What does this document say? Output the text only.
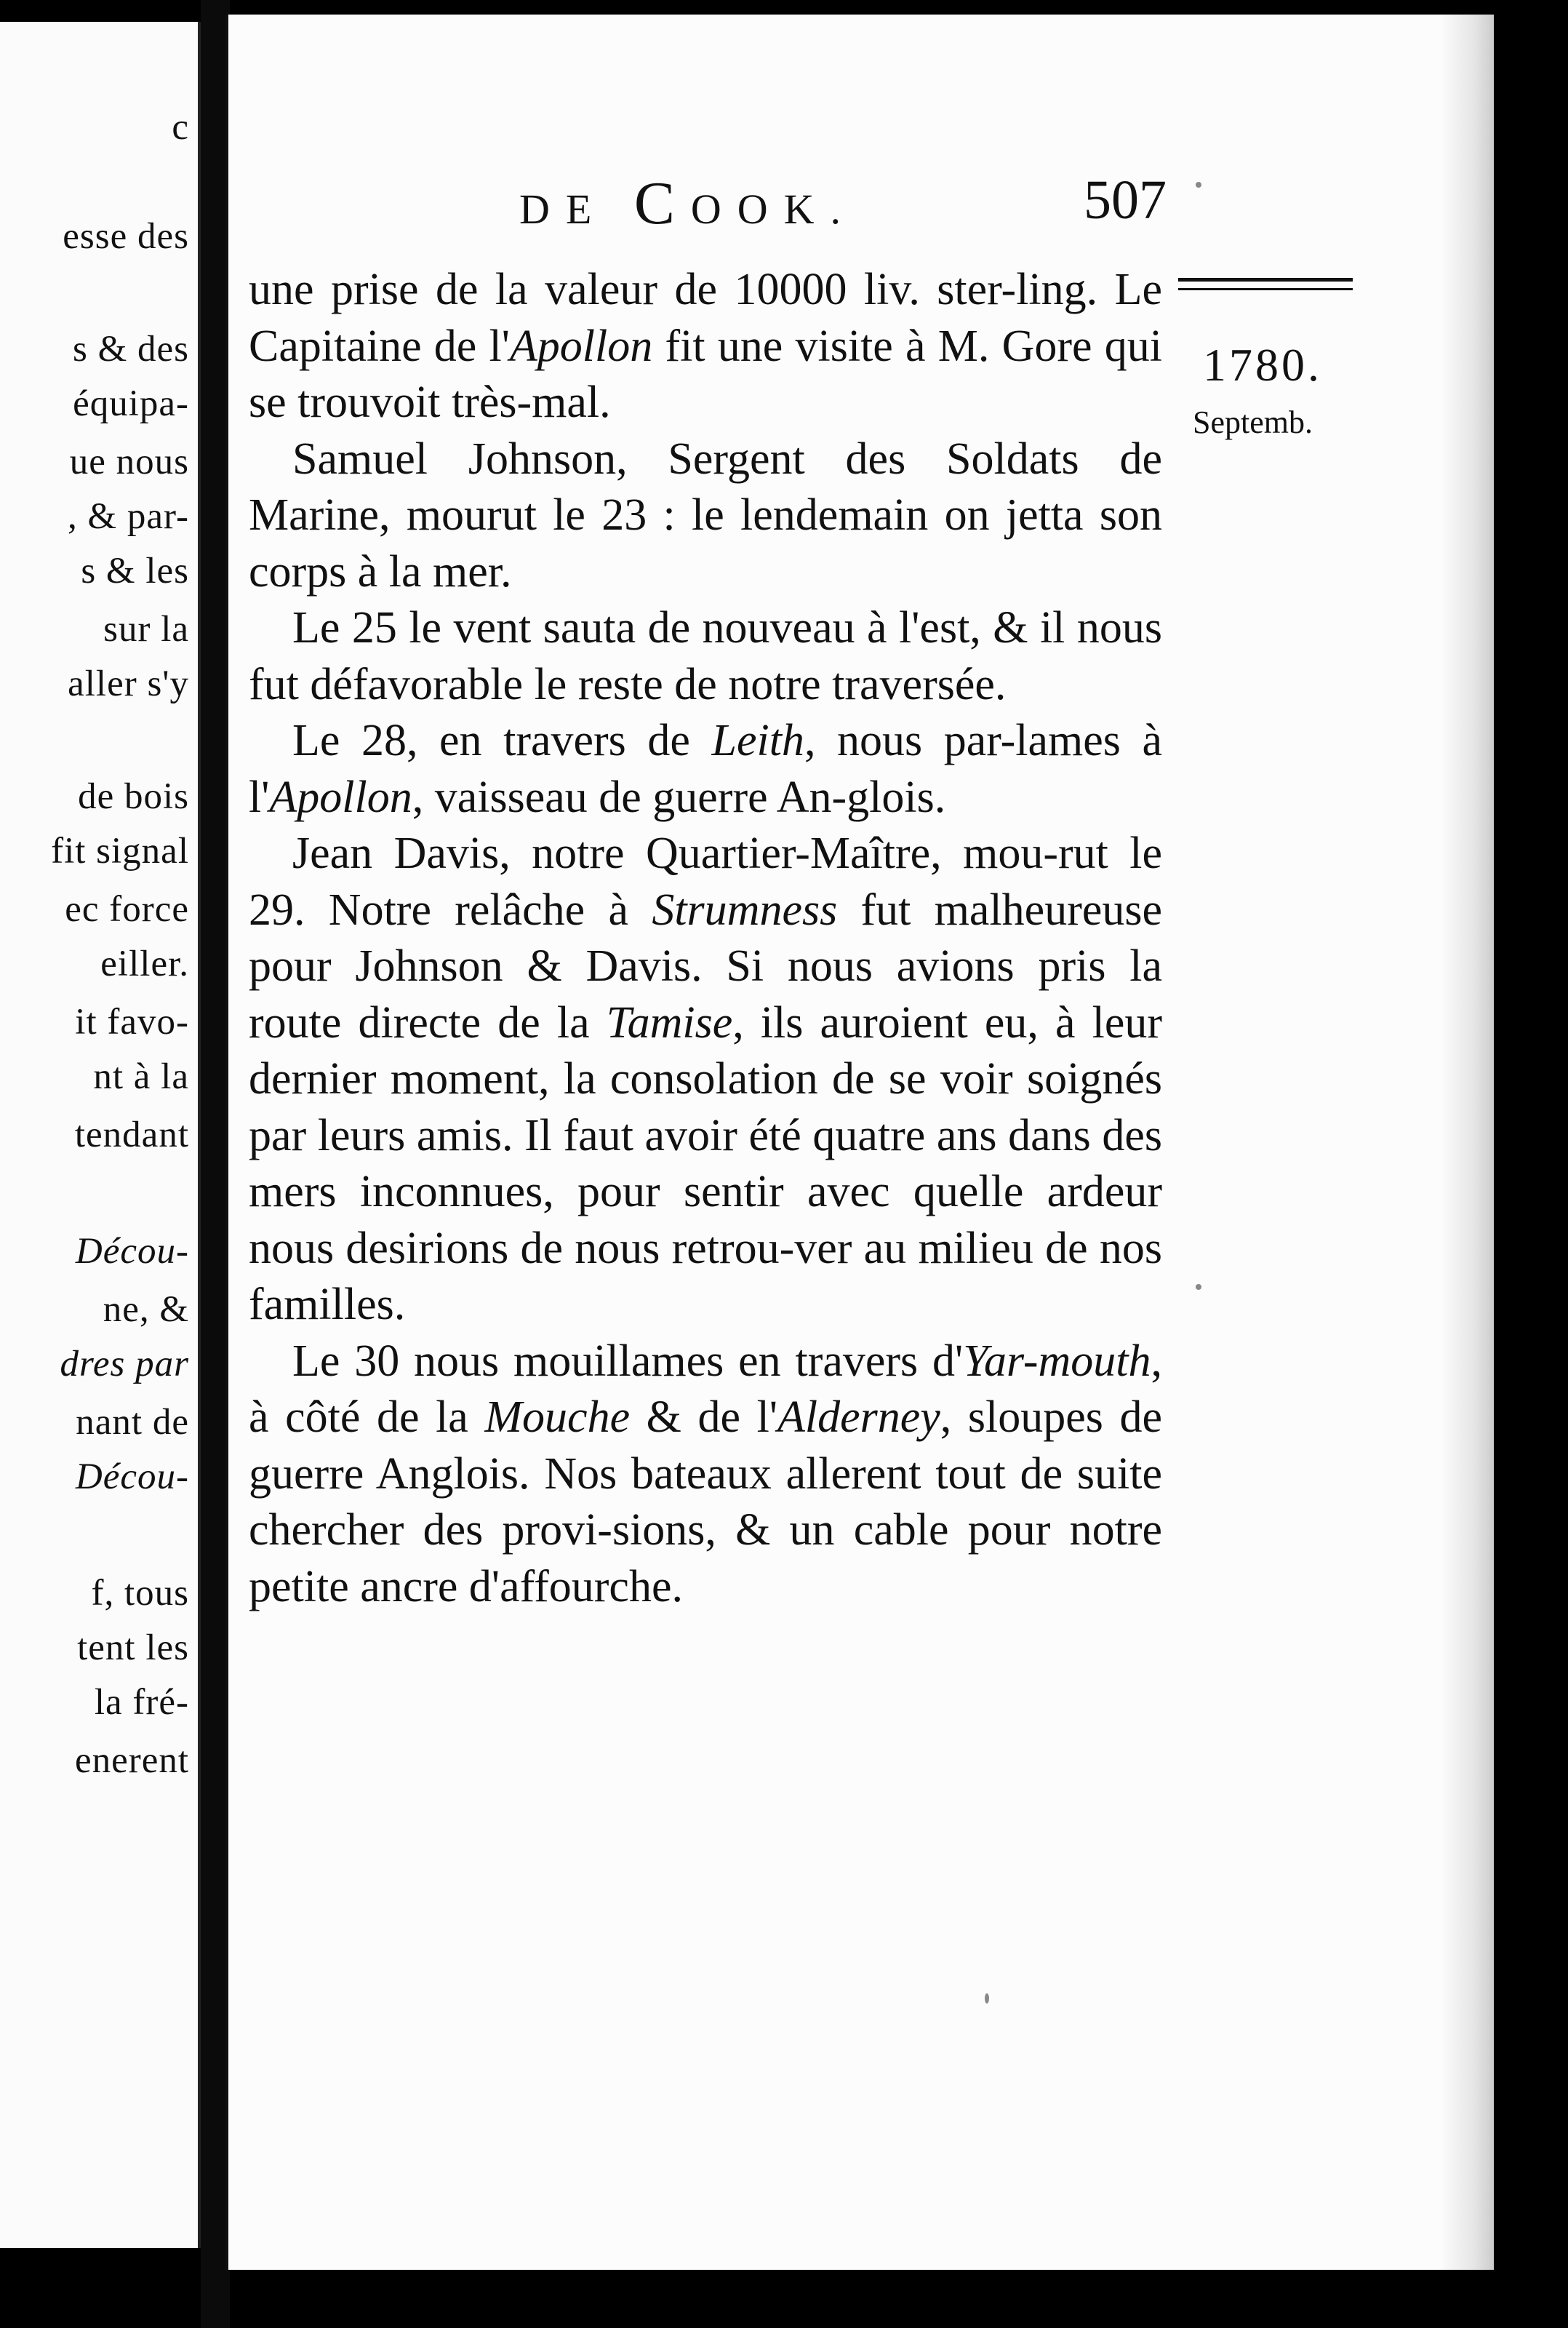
c
esse des
s & des
équipa-
ue nous
, & par-
s & les
sur la
aller s'y
de bois
fit signal
ec force
eiller.
it favo-
nt à la
tendant
Décou-
ne, &
dres par
nant de
Décou-
f, tous
tent les
la fré-
enerent
DE COOK.	507
1780.
Septemb.

une prise de la valeur de 10000 liv. ster-ling. Le Capitaine de l'Apollon fit une visite à M. Gore qui se trouvoit très-mal.

Samuel Johnson, Sergent des Soldats de Marine, mourut le 23 : le lendemain on jetta son corps à la mer.

Le 25 le vent sauta de nouveau à l'est, & il nous fut défavorable le reste de notre traversée.

Le 28, en travers de Leith, nous par-lames à l'Apollon, vaisseau de guerre An-glois.

Jean Davis, notre Quartier-Maître, mou-rut le 29. Notre relâche à Strumness fut malheureuse pour Johnson & Davis. Si nous avions pris la route directe de la Tamise, ils auroient eu, à leur dernier moment, la consolation de se voir soignés par leurs amis. Il faut avoir été quatre ans dans des mers inconnues, pour sentir avec quelle ardeur nous desirions de nous retrou-ver au milieu de nos familles.

Le 30 nous mouillames en travers d'Yar-mouth, à côté de la Mouche & de l'Alderney, sloupes de guerre Anglois. Nos bateaux allerent tout de suite chercher des provi-sions, & un cable pour notre petite ancre d'affourche.
